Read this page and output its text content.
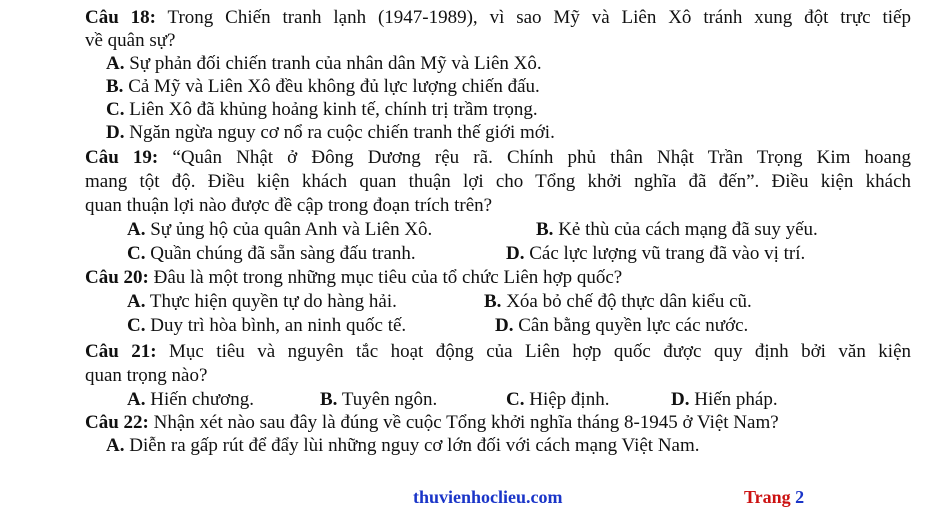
Câu 18: Trong Chiến tranh lạnh (1947-1989), vì sao Mỹ và Liên Xô tránh xung đột trực tiếp
về quân sự?
A. Sự phản đối chiến tranh của nhân dân Mỹ và Liên Xô.
B. Cả Mỹ và Liên Xô đều không đủ lực lượng chiến đấu.
C. Liên Xô đã khủng hoảng kinh tế, chính trị trầm trọng.
D. Ngăn ngừa nguy cơ nổ ra cuộc chiến tranh thế giới mới.
Câu 19: “Quân Nhật ở Đông Dương rệu rã. Chính phủ thân Nhật Trần Trọng Kim hoang
mang tột độ. Điều kiện khách quan thuận lợi cho Tổng khởi nghĩa đã đến”. Điều kiện khách
quan thuận lợi nào được đề cập trong đoạn trích trên?
A. Sự ủng hộ của quân Anh và Liên Xô.	B. Kẻ thù của cách mạng đã suy yếu.
C. Quần chúng đã sẵn sàng đấu tranh.	D. Các lực lượng vũ trang đã vào vị trí.
Câu 20: Đâu là một trong những mục tiêu của tổ chức Liên hợp quốc?
A. Thực hiện quyền tự do hàng hải.	B. Xóa bỏ chế độ thực dân kiểu cũ.
C. Duy trì hòa bình, an ninh quốc tế.	D. Cân bằng quyền lực các nước.
Câu 21: Mục tiêu và nguyên tắc hoạt động của Liên hợp quốc được quy định bởi văn kiện
quan trọng nào?
A. Hiến chương.	B. Tuyên ngôn.	C. Hiệp định.	D. Hiến pháp.
Câu 22: Nhận xét nào sau đây là đúng về cuộc Tổng khởi nghĩa tháng 8-1945 ở Việt Nam?
A. Diễn ra gấp rút để đẩy lùi những nguy cơ lớn đối với cách mạng Việt Nam.
thuvienhoclieu.com	Trang 2
